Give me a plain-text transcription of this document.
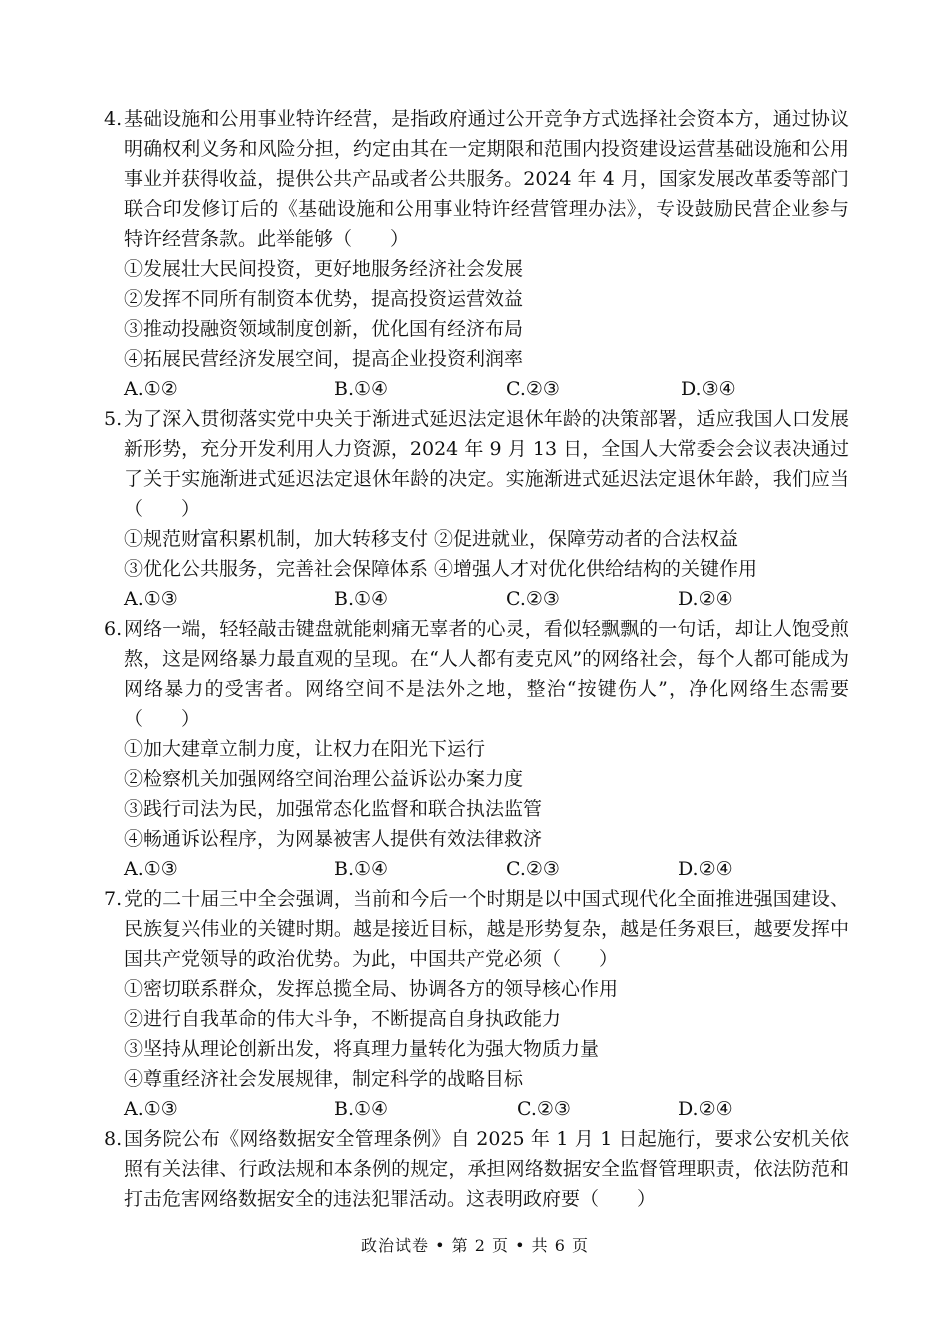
4. 基础设施和公用事业特许经营，是指政府通过公开竞争方式选择社会资本方，通过协议明确权利义务和风险分担，约定由其在一定期限和范围内投资建设运营基础设施和公用事业并获得收益，提供公共产品或者公共服务。2024 年 4 月，国家发展改革委等部门联合印发修订后的《基础设施和公用事业特许经营管理办法》，专设鼓励民营企业参与特许经营条款。此举能够（　　）
①发展壮大民间投资，更好地服务经济社会发展
②发挥不同所有制资本优势，提高投资运营效益
③推动投融资领域制度创新，优化国有经济布局
④拓展民营经济发展空间，提高企业投资利润率
A.①②	B.①④	C.②③	D.③④
5. 为了深入贯彻落实党中央关于渐进式延迟法定退休年龄的决策部署，适应我国人口发展新形势，充分开发利用人力资源，2024 年 9 月 13 日，全国人大常委会会议表决通过了关于实施渐进式延迟法定退休年龄的决定。实施渐进式延迟法定退休年龄，我们应当（　　）
①规范财富积累机制，加大转移支付 ②促进就业，保障劳动者的合法权益
③优化公共服务，完善社会保障体系 ④增强人才对优化供给结构的关键作用
A.①③	B.①④	C.②③	D.②④
6. 网络一端，轻轻敲击键盘就能刺痛无辜者的心灵，看似轻飘飘的一句话，却让人饱受煎熬，这是网络暴力最直观的呈现。在“人人都有麦克风”的网络社会，每个人都可能成为网络暴力的受害者。网络空间不是法外之地，整治“按键伤人”，净化网络生态需要（　　）
①加大建章立制力度，让权力在阳光下运行
②检察机关加强网络空间治理公益诉讼办案力度
③践行司法为民，加强常态化监督和联合执法监管
④畅通诉讼程序，为网暴被害人提供有效法律救济
A.①③	B.①④	C.②③	D.②④
7. 党的二十届三中全会强调，当前和今后一个时期是以中国式现代化全面推进强国建设、民族复兴伟业的关键时期。越是接近目标，越是形势复杂，越是任务艰巨，越要发挥中国共产党领导的政治优势。为此，中国共产党必须（　　）
①密切联系群众，发挥总揽全局、协调各方的领导核心作用
②进行自我革命的伟大斗争，不断提高自身执政能力
③坚持从理论创新出发，将真理力量转化为强大物质力量
④尊重经济社会发展规律，制定科学的战略目标
A.①③	B.①④	C.②③	D.②④
8. 国务院公布《网络数据安全管理条例》自 2025 年 1 月 1 日起施行，要求公安机关依照有关法律、行政法规和本条例的规定，承担网络数据安全监督管理职责，依法防范和打击危害网络数据安全的违法犯罪活动。这表明政府要（　　）
政治试卷 • 第 2 页 • 共 6 页
